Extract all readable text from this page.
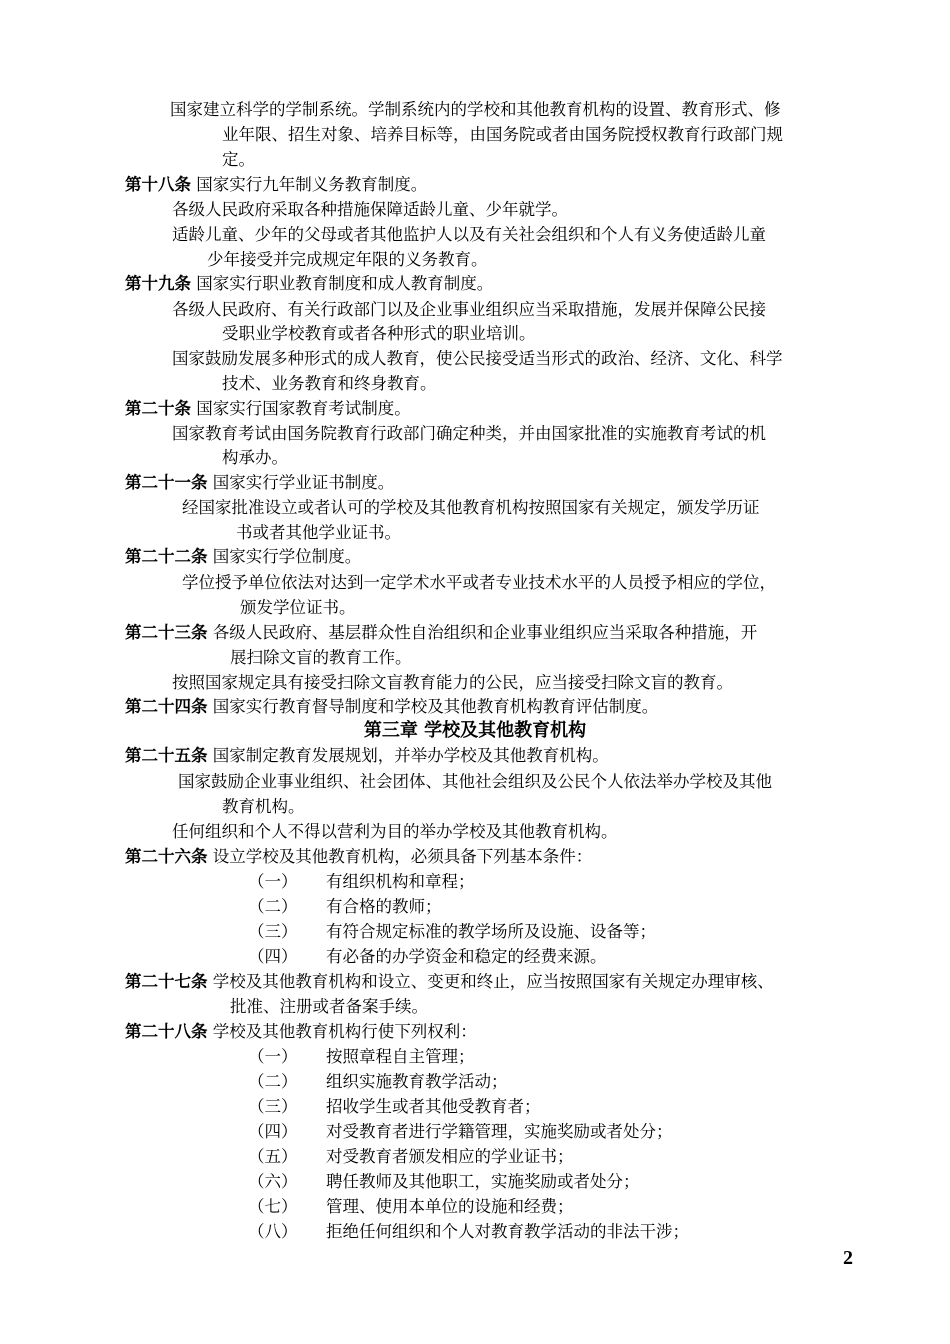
国家建立科学的学制系统。学制系统内的学校和其他教育机构的设置、教育形式、修
业年限、招生对象、培养目标等，由国务院或者由国务院授权教育行政部门规
定。
第十八条 国家实行九年制义务教育制度。
各级人民政府采取各种措施保障适龄儿童、少年就学。
适龄儿童、少年的父母或者其他监护人以及有关社会组织和个人有义务使适龄儿童
少年接受并完成规定年限的义务教育。
第十九条 国家实行职业教育制度和成人教育制度。
各级人民政府、有关行政部门以及企业事业组织应当采取措施，发展并保障公民接
受职业学校教育或者各种形式的职业培训。
国家鼓励发展多种形式的成人教育，使公民接受适当形式的政治、经济、文化、科学
技术、业务教育和终身教育。
第二十条 国家实行国家教育考试制度。
国家教育考试由国务院教育行政部门确定种类，并由国家批准的实施教育考试的机
构承办。
第二十一条 国家实行学业证书制度。
经国家批准设立或者认可的学校及其他教育机构按照国家有关规定，颁发学历证
书或者其他学业证书。
第二十二条 国家实行学位制度。
学位授予单位依法对达到一定学术水平或者专业技术水平的人员授予相应的学位，
颁发学位证书。
第二十三条 各级人民政府、基层群众性自治组织和企业事业组织应当采取各种措施，开
展扫除文盲的教育工作。
按照国家规定具有接受扫除文盲教育能力的公民，应当接受扫除文盲的教育。
第二十四条 国家实行教育督导制度和学校及其他教育机构教育评估制度。
第三章 学校及其他教育机构
第二十五条 国家制定教育发展规划，并举办学校及其他教育机构。
国家鼓励企业事业组织、社会团体、其他社会组织及公民个人依法举办学校及其他
教育机构。
任何组织和个人不得以营利为目的举办学校及其他教育机构。
第二十六条 设立学校及其他教育机构，必须具备下列基本条件：
（一） 有组织机构和章程；
（二） 有合格的教师；
（三） 有符合规定标准的教学场所及设施、设备等；
（四） 有必备的办学资金和稳定的经费来源。
第二十七条 学校及其他教育机构和设立、变更和终止，应当按照国家有关规定办理审核、
批准、注册或者备案手续。
第二十八条 学校及其他教育机构行使下列权利：
（一） 按照章程自主管理；
（二） 组织实施教育教学活动；
（三） 招收学生或者其他受教育者；
（四） 对受教育者进行学籍管理，实施奖励或者处分；
（五） 对受教育者颁发相应的学业证书；
（六） 聘任教师及其他职工，实施奖励或者处分；
（七） 管理、使用本单位的设施和经费；
（八） 拒绝任何组织和个人对教育教学活动的非法干涉；
2
